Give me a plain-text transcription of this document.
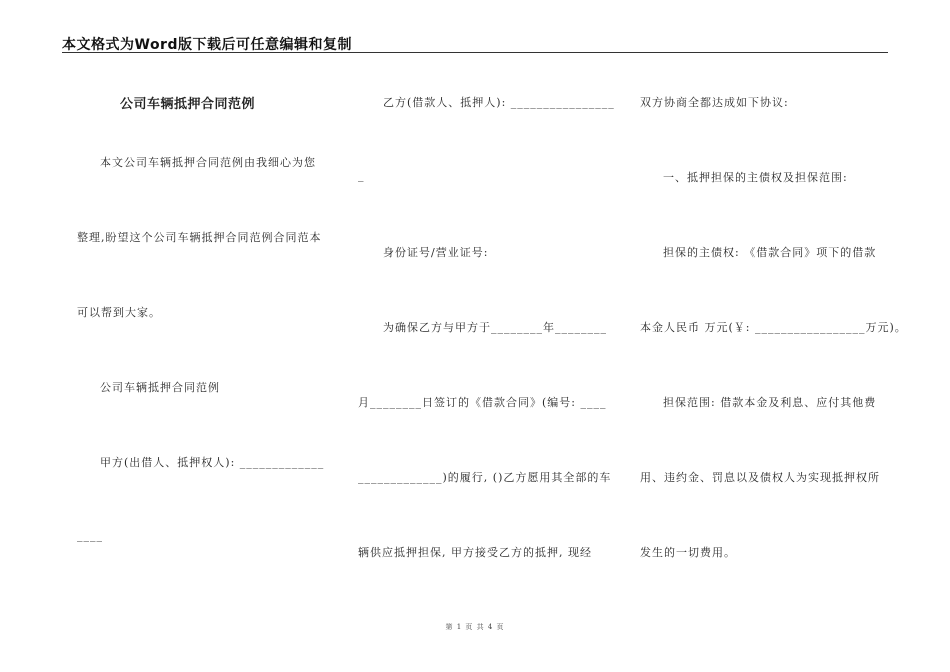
本文格式为Word版下载后可任意编辑和复制
公司车辆抵押合同范例
本文公司车辆抵押合同范例由我细心为您
整理,盼望这个公司车辆抵押合同范例合同范本
可以帮到大家。
公司车辆抵押合同范例
甲方(出借人、抵押权人): _____________
____
乙方(借款人、抵押人): ________________
_
身份证号/营业证号:
为确保乙方与甲方于________年________
月________日签订的《借款合同》(编号: ____
_____________)的履行, ()乙方愿用其全部的车
辆供应抵押担保, 甲方接受乙方的抵押, 现经
双方协商全都达成如下协议:
一、抵押担保的主债权及担保范围:
担保的主债权: 《借款合同》项下的借款
本金人民币 万元(￥: _________________万元)。
担保范围: 借款本金及利息、应付其他费
用、违约金、罚息以及债权人为实现抵押权所
发生的一切费用。
第 1 页 共 4 页
